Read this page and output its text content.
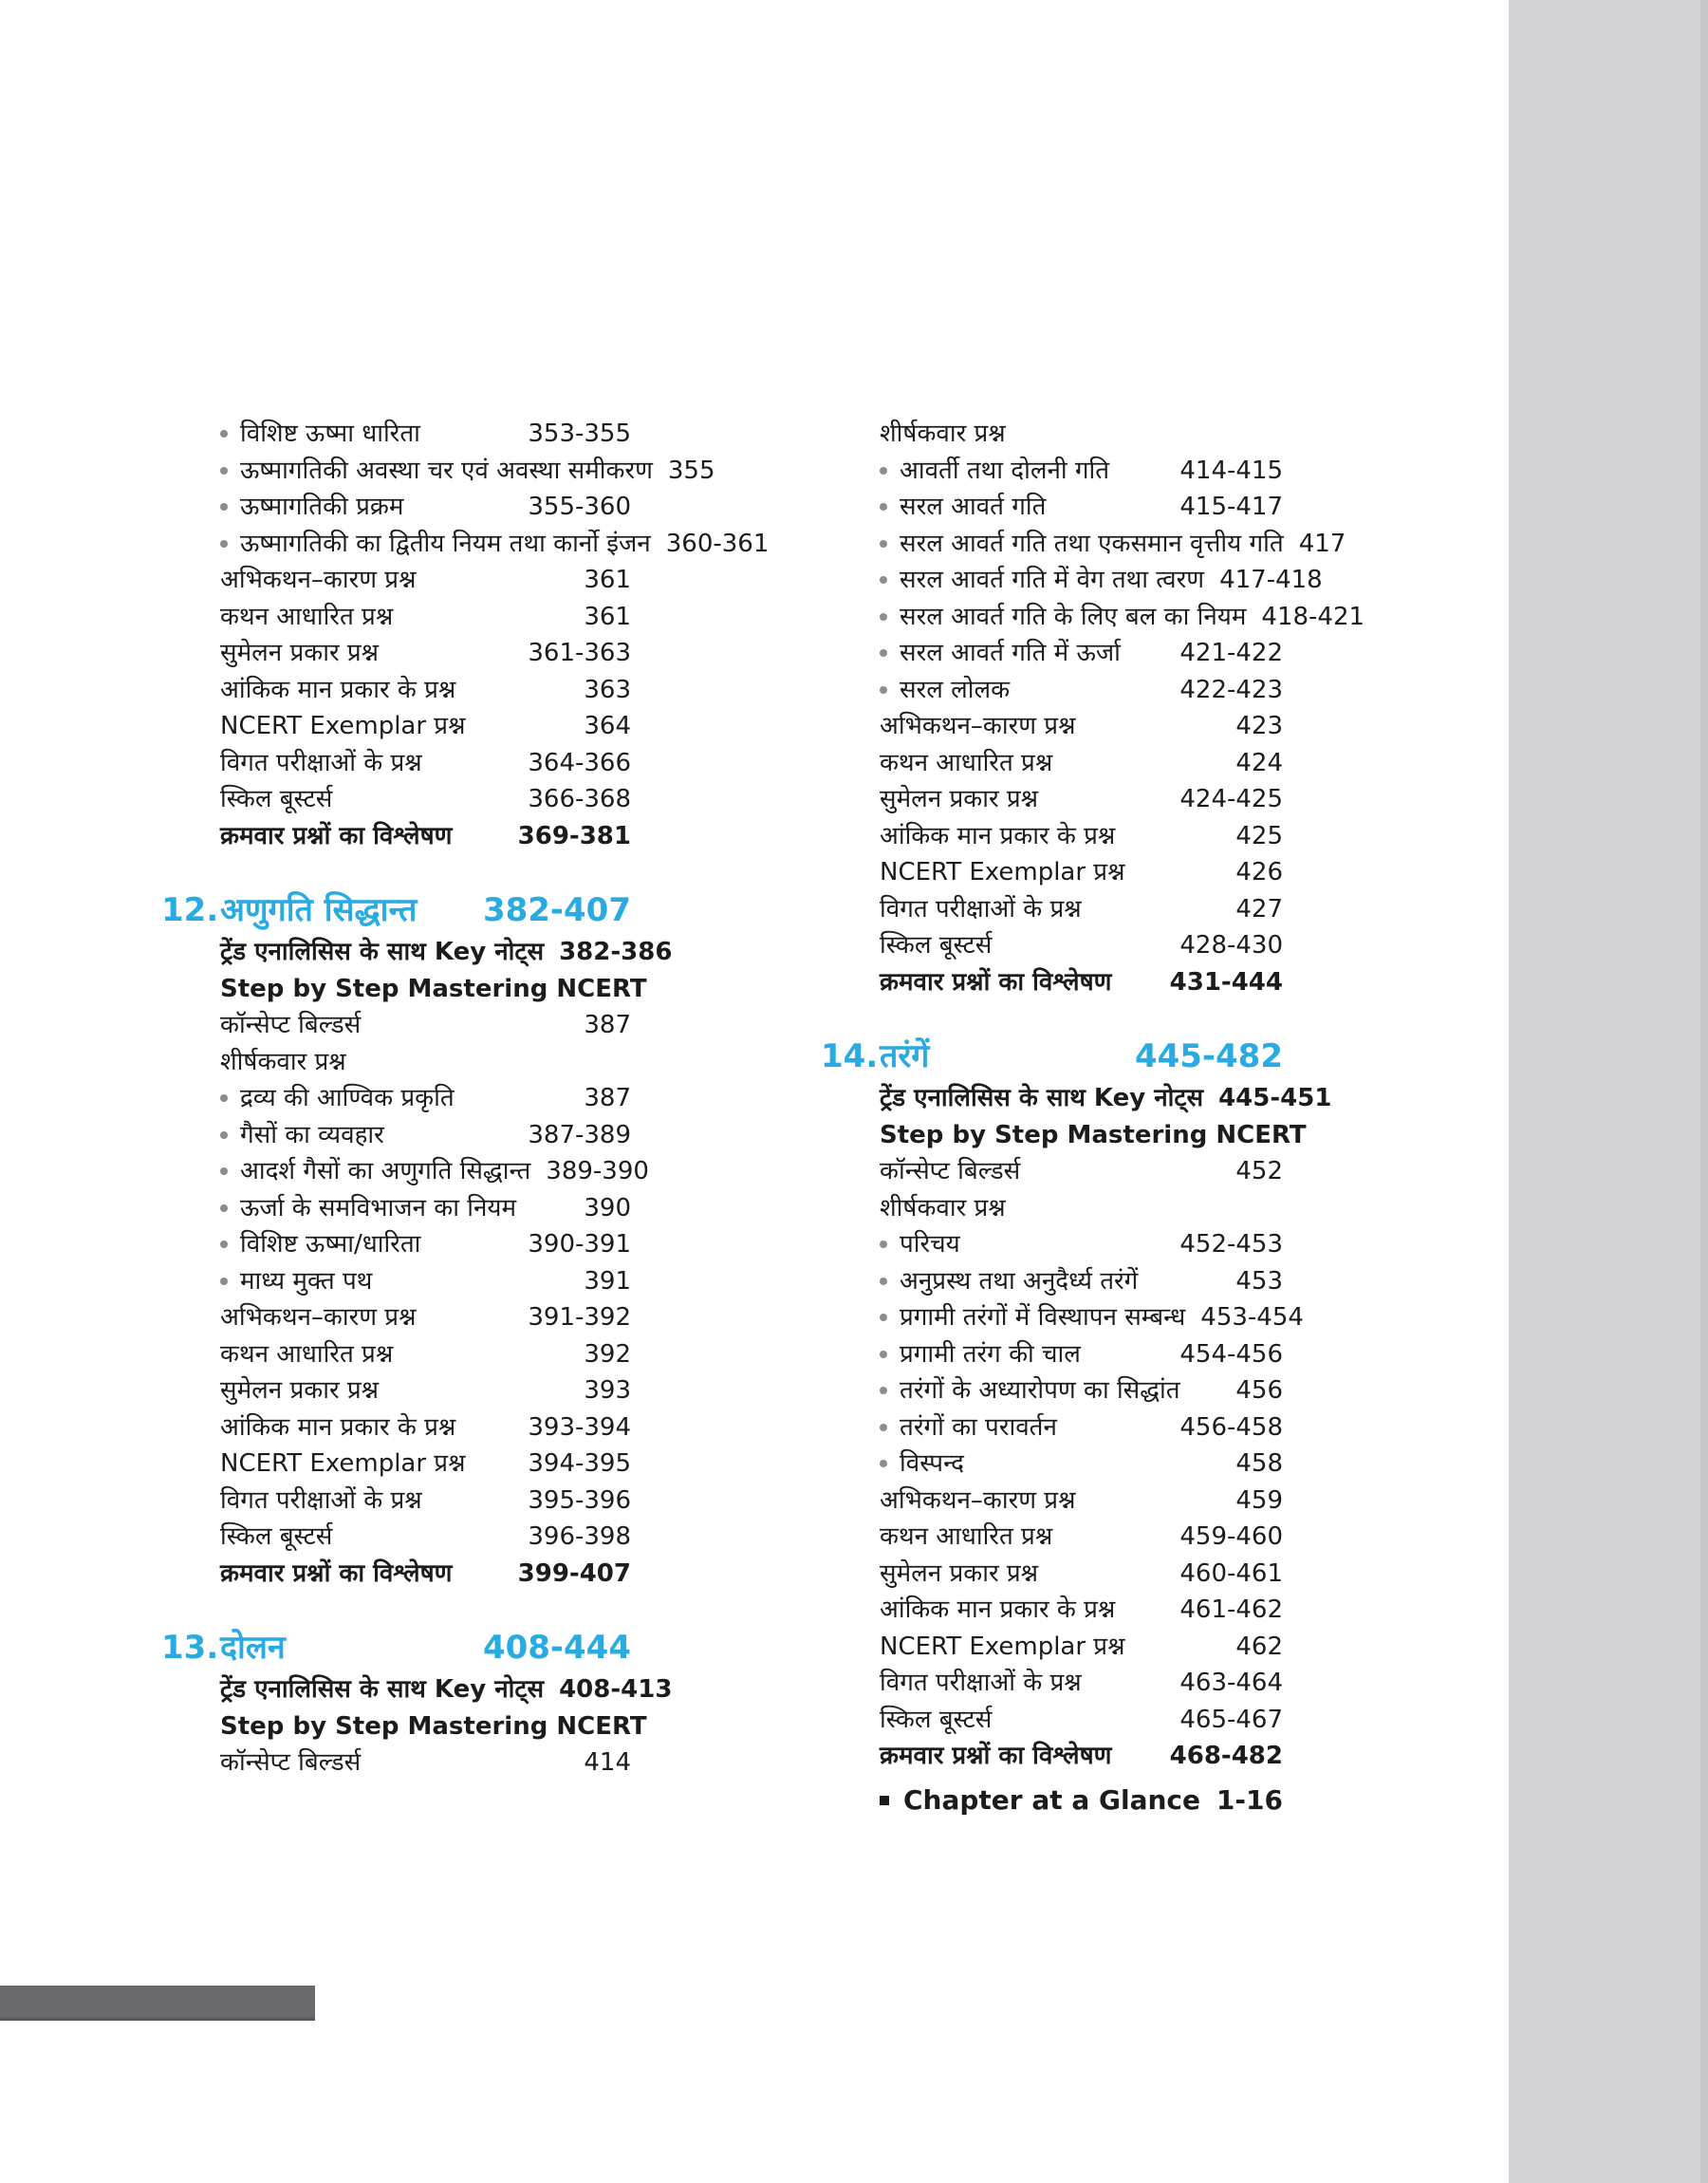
विशिष्ट ऊष्मा धारिता	353-355
ऊष्मागतिकी अवस्था चर एवं अवस्था समीकरण 355
ऊष्मागतिकी प्रक्रम	355-360
ऊष्मागतिकी का द्वितीय नियम तथा कार्नो इंजन 360-361
अभिकथन–कारण प्रश्न	361
कथन आधारित प्रश्न	361
सुमेलन प्रकार प्रश्न	361-363
आंकिक मान प्रकार के प्रश्न	363
NCERT Exemplar प्रश्न	364
विगत परीक्षाओं के प्रश्न	364-366
स्किल बूस्टर्स	366-368
क्रमवार प्रश्नों का विश्लेषण	369-381
12. अणुगति सिद्धान्त	382-407
ट्रेंड एनालिसिस के साथ Key नोट्स 382-386
Step by Step Mastering NCERT
कॉन्सेप्ट बिल्डर्स	387
शीर्षकवार प्रश्न
द्रव्य की आण्विक प्रकृति	387
गैसों का व्यवहार	387-389
आदर्श गैसों का अणुगति सिद्धान्त 389-390
ऊर्जा के समविभाजन का नियम	390
विशिष्ट ऊष्मा/धारिता	390-391
माध्य मुक्त पथ	391
अभिकथन–कारण प्रश्न	391-392
कथन आधारित प्रश्न	392
सुमेलन प्रकार प्रश्न	393
आंकिक मान प्रकार के प्रश्न	393-394
NCERT Exemplar प्रश्न	394-395
विगत परीक्षाओं के प्रश्न	395-396
स्किल बूस्टर्स	396-398
क्रमवार प्रश्नों का विश्लेषण	399-407
13. दोलन	408-444
ट्रेंड एनालिसिस के साथ Key नोट्स 408-413
Step by Step Mastering NCERT
कॉन्सेप्ट बिल्डर्स	414
शीर्षकवार प्रश्न
आवर्ती तथा दोलनी गति	414-415
सरल आवर्त गति	415-417
सरल आवर्त गति तथा एकसमान वृत्तीय गति 417
सरल आवर्त गति में वेग तथा त्वरण 417-418
सरल आवर्त गति के लिए बल का नियम 418-421
सरल आवर्त गति में ऊर्जा 421-422
सरल लोलक	422-423
अभिकथन–कारण प्रश्न	423
कथन आधारित प्रश्न	424
सुमेलन प्रकार प्रश्न	424-425
आंकिक मान प्रकार के प्रश्न	425
NCERT Exemplar प्रश्न	426
विगत परीक्षाओं के प्रश्न	427
स्किल बूस्टर्स	428-430
क्रमवार प्रश्नों का विश्लेषण 431-444
14. तरंगें	445-482
ट्रेंड एनालिसिस के साथ Key नोट्स 445-451
Step by Step Mastering NCERT
कॉन्सेप्ट बिल्डर्स	452
शीर्षकवार प्रश्न
परिचय	452-453
अनुप्रस्थ तथा अनुदैर्ध्य तरंगें	453
प्रगामी तरंगों में विस्थापन सम्बन्ध 453-454
प्रगामी तरंग की चाल	454-456
तरंगों के अध्यारोपण का सिद्धांत 456
तरंगों का परावर्तन	456-458
विस्पन्द	458
अभिकथन–कारण प्रश्न	459
कथन आधारित प्रश्न	459-460
सुमेलन प्रकार प्रश्न	460-461
आंकिक मान प्रकार के प्रश्न	461-462
NCERT Exemplar प्रश्न	462
विगत परीक्षाओं के प्रश्न	463-464
स्किल बूस्टर्स	465-467
क्रमवार प्रश्नों का विश्लेषण 468-482
Chapter at a Glance 1-16
